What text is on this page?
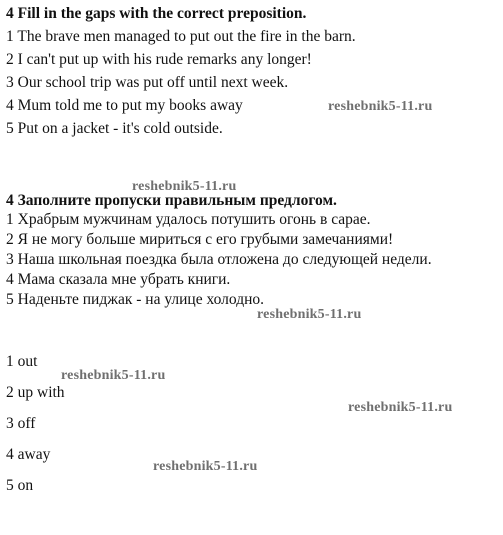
4 Fill in the gaps with the correct preposition.
1 The brave men managed to put out the fire in the barn.
2 I can't put up with his rude remarks any longer!
3 Our school trip was put off until next week.
4 Mum told me to put my books away
5 Put on a jacket - it's cold outside.
4 Заполните пропуски правильным предлогом.
1 Храбрым мужчинам удалось потушить огонь в сарае.
2 Я не могу больше мириться с его грубыми замечаниями!
3 Наша школьная поездка была отложена до следующей недели.
4 Мама сказала мне убрать книги.
5 Наденьте пиджак - на улице холодно.
1 out
2 up with
3 off
4 away
5 on
reshebnik5-11.ru
reshebnik5-11.ru
reshebnik5-11.ru
reshebnik5-11.ru
reshebnik5-11.ru
reshebnik5-11.ru
